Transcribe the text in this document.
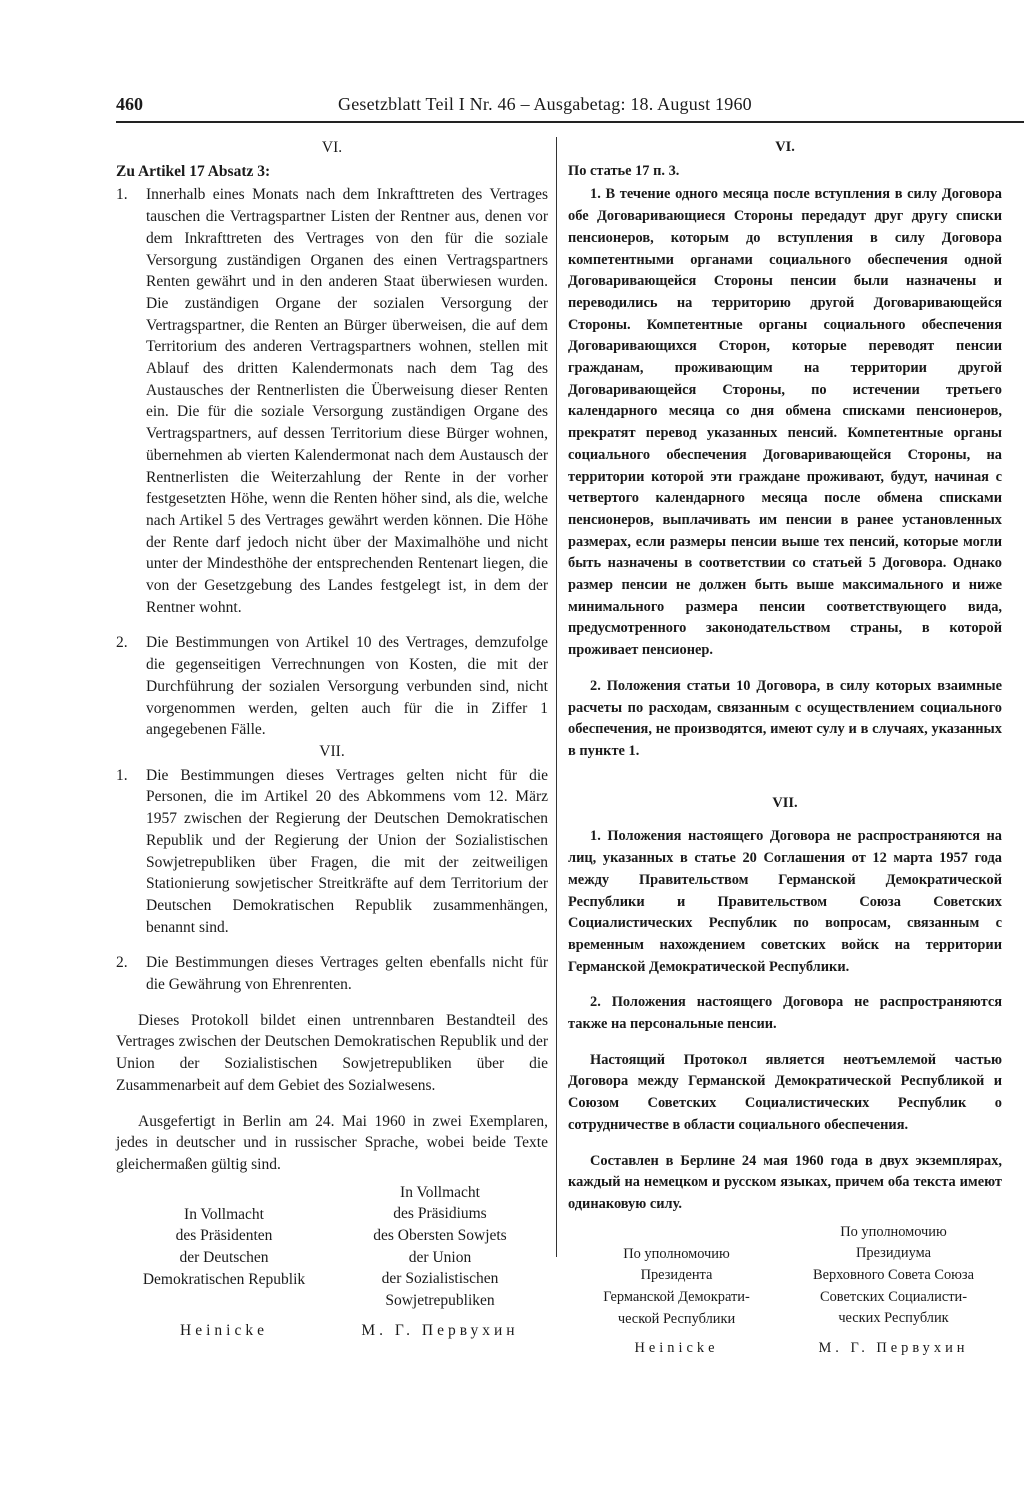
460	Gesetzblatt Teil I Nr. 46 – Ausgabetag: 18. August 1960
VI.
Zu Artikel 17 Absatz 3:
1.	Innerhalb eines Monats nach dem Inkrafttreten des Vertrages tauschen die Vertragspartner Listen der Rentner aus, denen vor dem Inkrafttreten des Vertrages von den für die soziale Versorgung zuständigen Organen des einen Vertragspartners Renten gewährt und in den anderen Staat überwiesen wurden. Die zuständigen Organe der sozialen Versorgung der Vertragspartner, die Renten an Bürger überweisen, die auf dem Territorium des anderen Vertragspartners wohnen, stellen mit Ablauf des dritten Kalendermonats nach dem Tag des Austausches der Rentnerlisten die Überweisung dieser Renten ein. Die für die soziale Versorgung zuständigen Organe des Vertragspartners, auf dessen Territorium diese Bürger wohnen, übernehmen ab vierten Kalendermonat nach dem Austausch der Rentnerlisten die Weiterzahlung der Rente in der vorher festgesetzten Höhe, wenn die Renten höher sind, als die, welche nach Artikel 5 des Vertrages gewährt werden können. Die Höhe der Rente darf jedoch nicht über der Maximalhöhe und nicht unter der Mindesthöhe der entsprechenden Rentenart liegen, die von der Gesetzgebung des Landes festgelegt ist, in dem der Rentner wohnt.
2.	Die Bestimmungen von Artikel 10 des Vertrages, demzufolge die gegenseitigen Verrechnungen von Kosten, die mit der Durchführung der sozialen Versorgung verbunden sind, nicht vorgenommen werden, gelten auch für die in Ziffer 1 angegebenen Fälle.
VII.
1.	Die Bestimmungen dieses Vertrages gelten nicht für die Personen, die im Artikel 20 des Abkommens vom 12. März 1957 zwischen der Regierung der Deutschen Demokratischen Republik und der Regierung der Union der Sozialistischen Sowjetrepubliken über Fragen, die mit der zeitweiligen Stationierung sowjetischer Streitkräfte auf dem Territorium der Deutschen Demokratischen Republik zusammenhängen, benannt sind.
2.	Die Bestimmungen dieses Vertrages gelten ebenfalls nicht für die Gewährung von Ehrenrenten.

Dieses Protokoll bildet einen untrennbaren Bestandteil des Vertrages zwischen der Deutschen Demokratischen Republik und der Union der Sozialistischen Sowjetrepubliken über die Zusammenarbeit auf dem Gebiet des Sozialwesens.

Ausgefertigt in Berlin am 24. Mai 1960 in zwei Exemplaren, jedes in deutscher und in russischer Sprache, wobei beide Texte gleichermaßen gültig sind.

In Vollmacht
des Präsidenten
der Deutschen
Demokratischen Republik
Heinicke
In Vollmacht
des Präsidiums
des Obersten Sowjets
der Union
der Sozialistischen
Sowjetrepubliken
M. Г. Первухин
VI.
По статье 17 п. 3.

1. В течение одного месяца после вступления в силу Договора обе Договаривающиеся Стороны передадут друг другу списки пенсионеров, которым до вступления в силу Договора компетентными органами социального обеспечения одной Договаривающейся Стороны пенсии были назначены и переводились на территорию другой Договаривающейся Стороны. Компетентные органы социального обеспечения Договаривающихся Сторон, которые переводят пенсии гражданам, проживающим на территории другой Договаривающейся Стороны, по истечении третьего календарного месяца со дня обмена списками пенсионеров, прекратят перевод указанных пенсий. Компетентные органы социального обеспечения Договаривающейся Стороны, на территории которой эти граждане проживают, будут, начиная с четвертого календарного месяца после обмена списками пенсионеров, выплачивать им пенсии в ранее установленных размерах, если размеры пенсии выше тех пенсий, которые могли быть назначены в соответствии со статьей 5 Договора. Однако размер пенсии не должен быть выше максимального и ниже минимального размера пенсии соответствующего вида, предусмотренного законодательством страны, в которой проживает пенсионер.

2. Положения статьи 10 Договора, в силу которых взаимные расчеты по расходам, связанным с осуществлением социального обеспечения, не производятся, имеют сулу и в случаях, указанных в пункте 1.

VII.

1. Положения настоящего Договора не распространяются на лиц, указанных в статье 20 Соглашения от 12 марта 1957 года между Правительством Германской Демократической Республики и Правительством Союза Советских Социалистических Республик по вопросам, связанным с временным нахождением советских войск на территории Германской Демократической Республики.

2. Положения настоящего Договора не распространяются также на персональные пенсии.

Настоящий Протокол является неотъемлемой частью Договора между Германской Демократической Республикой и Союзом Советских Социалистических Республик о сотрудничестве в области социального обеспечения.

Составлен в Берлине 24 мая 1960 года в двух экземплярах, каждый на немецком и русском языках, причем оба текста имеют одинаковую силу.

По уполномочию
Президента
Германской Демократи-
ческой Республики
Heinicke
По уполномочию
Президиума
Верховного Совета Союза
Советских Социалисти-
ческих Республик
М. Г. Первухин
